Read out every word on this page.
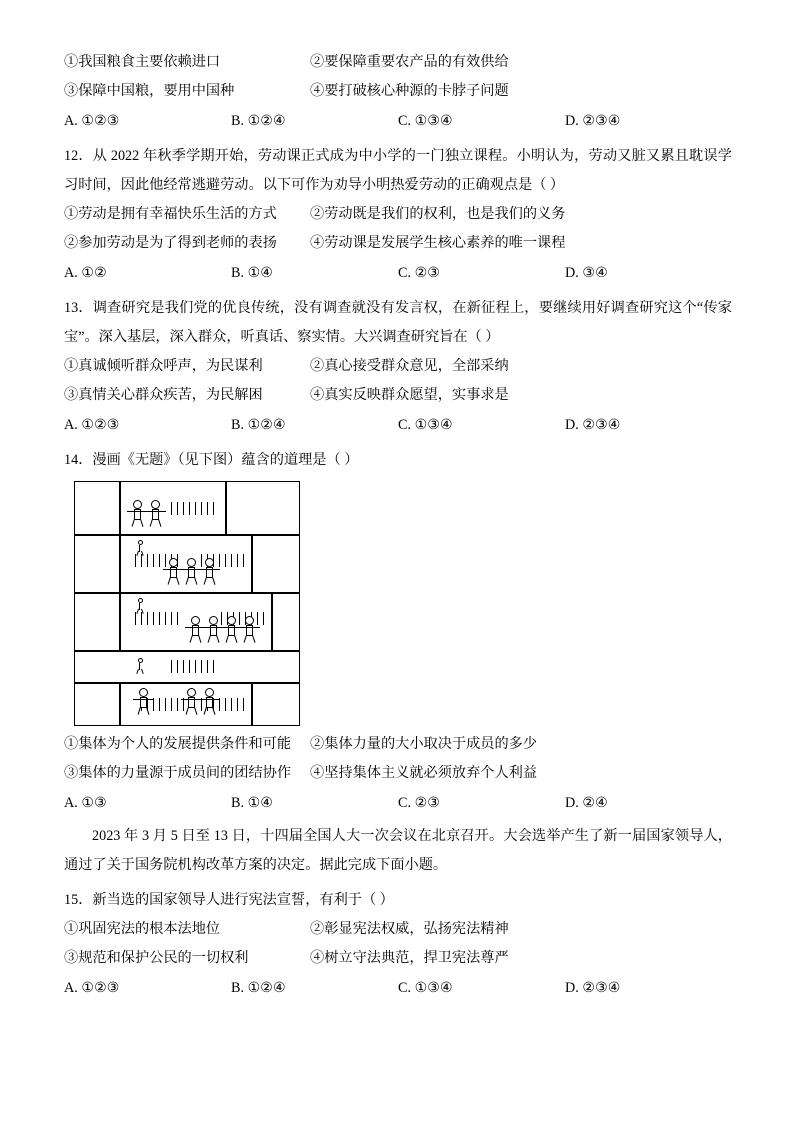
①我国粮食主要依赖进口	②要保障重要农产品的有效供给
③保障中国粮，要用中国种	④要打破核心种源的卡脖子问题
A. ①②③	B. ①②④	C. ①③④	D. ②③④
12．从 2022 年秋季学期开始，劳动课正式成为中小学的一门独立课程。小明认为，劳动又脏又累且耽误学习时间，因此他经常逃避劳动。以下可作为劝导小明热爱劳动的正确观点是（ ）
①劳动是拥有幸福快乐生活的方式	②劳动既是我们的权利，也是我们的义务
②参加劳动是为了得到老师的表扬	④劳动课是发展学生核心素养的唯一课程
A. ①②	B. ①④	C. ②③	D. ③④
13．调查研究是我们党的优良传统，没有调查就没有发言权，在新征程上，要继续用好调查研究这个“传家宝”。深入基层，深入群众，听真话、察实情。大兴调查研究旨在（ ）
①真诚倾听群众呼声，为民谋利	②真心接受群众意见，全部采纳
③真情关心群众疾苦，为民解困	④真实反映群众愿望，实事求是
A. ①②③	B. ①②④	C. ①③④	D. ②③④
14．漫画《无题》（见下图）蕴含的道理是（ ）
①集体为个人的发展提供条件和可能	②集体力量的大小取决于成员的多少
③集体的力量源于成员间的团结协作	④坚持集体主义就必须放弃个人利益
A. ①③	B. ①④	C. ②③	D. ②④
2023 年 3 月 5 日至 13 日，十四届全国人大一次会议在北京召开。大会选举产生了新一届国家领导人，通过了关于国务院机构改革方案的决定。据此完成下面小题。
15．新当选的国家领导人进行宪法宣誓，有利于（ ）
①巩固宪法的根本法地位	②彰显宪法权威，弘扬宪法精神
③规范和保护公民的一切权利	④树立守法典范，捍卫宪法尊严
A. ①②③	B. ①②④	C. ①③④	D. ②③④
